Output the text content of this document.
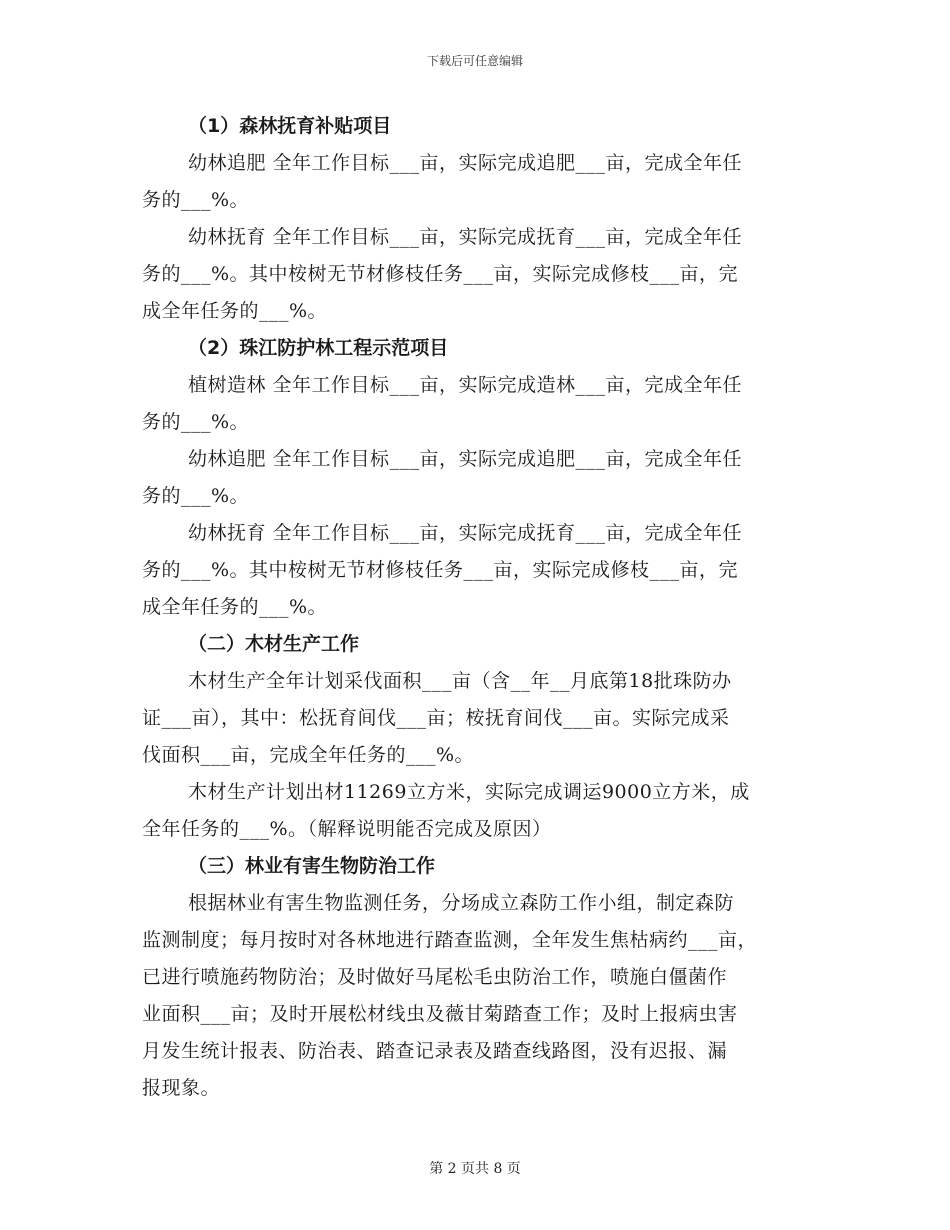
下载后可任意编辑
（1）森林抚育补贴项目
幼林追肥 全年工作目标___亩，实际完成追肥___亩，完成全年任
务的___%。
幼林抚育 全年工作目标___亩，实际完成抚育___亩，完成全年任
务的___%。其中桉树无节材修枝任务___亩，实际完成修枝___亩，完
成全年任务的___%。
（2）珠江防护林工程示范项目
植树造林 全年工作目标___亩，实际完成造林___亩，完成全年任
务的___%。
幼林追肥 全年工作目标___亩，实际完成追肥___亩，完成全年任
务的___%。
幼林抚育 全年工作目标___亩，实际完成抚育___亩，完成全年任
务的___%。其中桉树无节材修枝任务___亩，实际完成修枝___亩，完
成全年任务的___%。
（二）木材生产工作
木材生产全年计划采伐面积___亩（含__年__月底第18批珠防办
证___亩），其中：松抚育间伐___亩；桉抚育间伐___亩。实际完成采
伐面积___亩，完成全年任务的___%。
木材生产计划出材11269立方米，实际完成调运9000立方米，成
全年任务的___%。（解释说明能否完成及原因）
（三）林业有害生物防治工作
根据林业有害生物监测任务，分场成立森防工作小组，制定森防
监测制度；每月按时对各林地进行踏查监测，全年发生焦枯病约___亩，
已进行喷施药物防治；及时做好马尾松毛虫防治工作，喷施白僵菌作
业面积___亩；及时开展松材线虫及薇甘菊踏查工作；及时上报病虫害
月发生统计报表、防治表、踏查记录表及踏查线路图，没有迟报、漏
报现象。
第 2 页共 8 页
